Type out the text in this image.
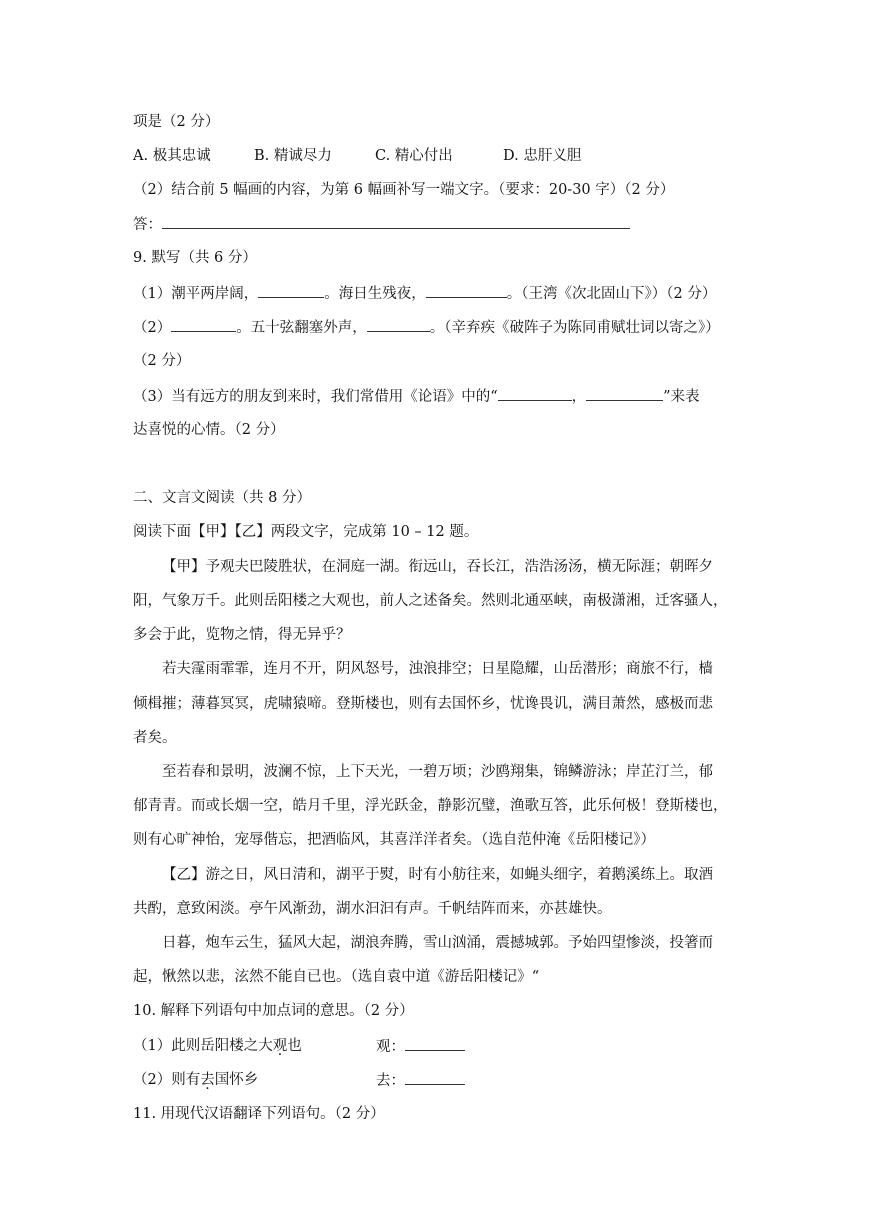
项是（2 分）
A. 极其忠诚	B. 精诚尽力	C. 精心付出	D. 忠肝义胆
（2）结合前 5 幅画的内容，为第 6 幅画补写一端文字。（要求：20-30 字）（2 分）
答：
9. 默写（共 6 分）
（1）潮平两岸阔，	。海日生残夜，	。（王湾《次北固山下》）（2 分）
（2）	。五十弦翻塞外声，	。（辛弃疾《破阵子为陈同甫赋壮词以寄之》）
（2 分）
（3）当有远方的朋友到来时，我们常借用《论语》中的“	，	”来表
达喜悦的心情。（2 分）
二、文言文阅读（共 8 分）
阅读下面【甲】【乙】两段文字，完成第 10 – 12 题。
【甲】予观夫巴陵胜状，在洞庭一湖。衔远山，吞长江，浩浩汤汤，横无际涯；朝晖夕
阳，气象万千。此则岳阳楼之大观也，前人之述备矣。然则北通巫峡，南极潇湘，迁客骚人，
多会于此，览物之情，得无异乎？
若夫霪雨霏霏，连月不开，阴风怒号，浊浪排空；日星隐耀，山岳潜形；商旅不行，樯
倾楫摧；薄暮冥冥，虎啸猿啼。登斯楼也，则有去国怀乡，忧谗畏讥，满目萧然，感极而悲
者矣。
至若春和景明，波澜不惊，上下天光，一碧万顷；沙鸥翔集，锦鳞游泳；岸芷汀兰，郁
郁青青。而或长烟一空，皓月千里，浮光跃金，静影沉璧，渔歌互答，此乐何极！登斯楼也，
则有心旷神怡，宠辱偕忘，把酒临风，其喜洋洋者矣。（选自范仲淹《岳阳楼记》）
【乙】游之日，风日清和，湖平于熨，时有小舫往来，如蝇头细字，着鹅溪练上。取酒
共酌，意致闲淡。亭午风渐劲，湖水汩汩有声。千帆结阵而来，亦甚雄快。
日暮，炮车云生，猛风大起，湖浪奔腾，雪山汹涌，震撼城郭。予始四望惨淡，投箸而
起，愀然以悲，泫然不能自已也。（选自袁中道《游岳阳楼记》“
10. 解释下列语句中加点词的意思。（2 分）
（1）此则岳阳楼之大观也	观：
（2）则有去国怀乡	去：
11. 用现代汉语翻译下列语句。（2 分）
